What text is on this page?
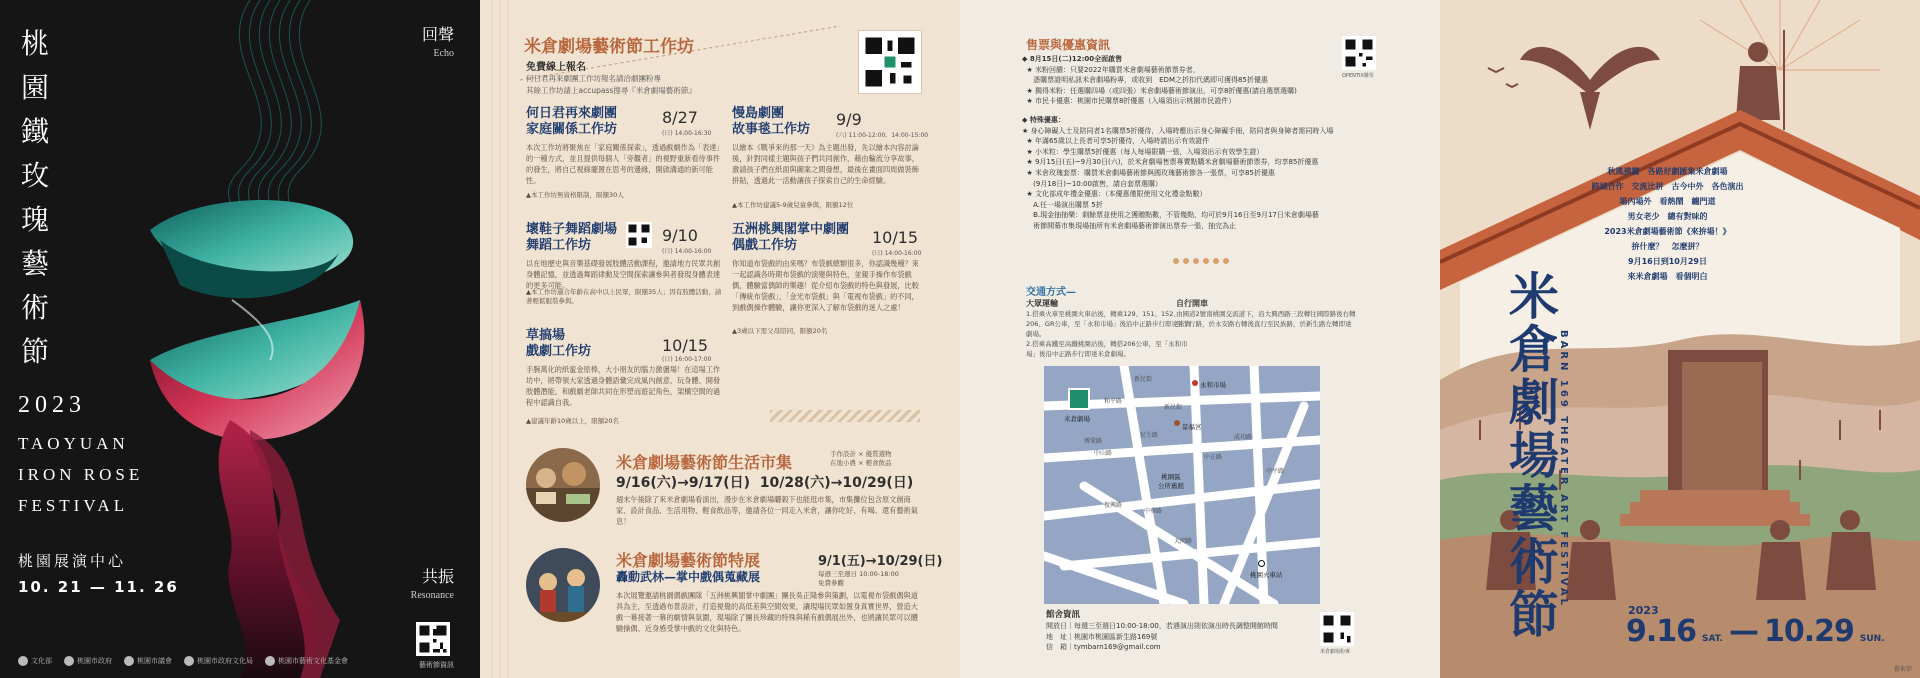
桃
園
鐵
玫
瑰
藝
術
節
2023
TAOYUAN
IRON ROSE
FESTIVAL
桃園展演中心
10. 21 — 11. 26
回聲
Echo
共振
Resonance
藝術節資訊
文化部	桃園市政府	桃園市議會	桃園市政府文化局	桃園市藝術文化基金會
米倉劇場藝術節工作坊
免費線上報名
何日君再來劇團工作坊報名請洽劇團粉專
其餘工作坊請上accupass搜尋『米倉劇場藝術節』
何日君再來劇團
家庭關係工作坊
8/27
(日) 14:00-16:30
本次工作坊將聚焦在「家庭關係探索」，透過戲劇作為「表達」的一種方式，並且提供每個人「旁觀者」的視野重新看待事件的發生，將自己視線擺置在思考的邊緣，開啟溝通的新可能性。
▲本工作坊無資格限制，限額30人
慢島劇團
故事毯工作坊
9/9
(六) 11:00-12:00、14:00-15:00
以繪本《戰爭來的那一天》為主題出發，先以繪本內容討論後，針對同樣主題與孩子們共同創作，藉由輪流分享故事，激請孩子們在紙面與圖案之間發想，最後在畫面四周做裝飾拼貼，透過此一活動讓孩子探索自己的生命經驗。
▲本工作坊建議5-9歲兒童參與，限額12位
壞鞋子舞蹈劇場
舞蹈工作坊
9/10
(日) 14:00-16:00
以在地歷史與音樂基礎發展肢體活動課程，邀請地方民眾共創身體記憶，並透過舞蹈律動及空間探索讓參與者發現身體表達的更多可能。
▲本工作坊適合年齡在高中以上民眾，限額35人；因有肢體活動，請著輕鬆服裝參與。
五洲桃興閣掌中劇團
偶戲工作坊	10/15
(日) 14:00-16:00
你知道布袋戲的由來嗎？布袋戲總類很多，你認識幾種？來一起認識各時期布袋戲的演變與特色，並親手操作布袋戲偶，體驗當偶師的樂趣！從介紹布袋戲的特色與發展，比較「傳統布袋戲」、「金光布袋戲」與「電視布袋戲」的不同，到戲偶操作體驗，讓你更深入了解布袋戲的迷人之處！
▲3歲以下需父母陪同，限額20名
草搞場
戲劇工作坊	10/15
(日) 16:00-17:00
手腕萬化的紙蜜金原棒，大小朋友的腦力激盪場！在這場工作坊中，將帶領大家透過身體語彙完成風內創意、玩身體、開發肢體潛能，和戲劇老師共同在形塑而遊記角色，架構空間的過程中認識自我。
▲建議年齡10歲以上，限額20名
米倉劇場藝術節生活市集	手作設計 × 優質選物
在地小農 × 輕食飲品
9/16(六)→9/17(日)  10/28(六)→10/29(日)
週末午後除了來米倉劇場看演出，漫步在米倉劇場曬榖下也能逛市集，市集攤位包含原文創商家、設計食品、生活用物、輕食飲品等，邀請各位一同走入米倉，讓你吃好、有喝、還有藝術氣息！
米倉劇場藝術節特展	9/1(五)→10/29(日)
轟動武林—掌中戲偶蒐藏展	每週三至週日 10:00-18:00
免費參觀
本次展覽邀請桃園偶戲團隊「五洲桃興閣掌中劇團」團長吳正隆參與策劃，以電視布袋戲偶與道具為主，至透過布景設計，打造視覺的高低差與空間效果，讓現場民眾如置身真實世界，營造大戲一幕接著一幕的劇情與氛圍，現場除了團長珍藏的特殊與稀有戲偶展出外，也將讓民眾可以體驗操偶、近身感受掌中戲的文化與特色。
售票與優惠資訊

◆ 8月15日(二)12:00全面啟售

★ 米粉回饋：只要2022年購買米倉劇場藝術節票券者，

憑購票證明私訊米倉劇場粉專，或收到　EDM之折扣代碼即可獲得85折優惠

★ 獨得米粉：任選購四場（或四張）米倉劇場藝術節演出，可享8折優惠(請自選票選購)

★ 市民卡優惠：桃園市民購票8折優惠（入場須出示桃園市民證件）

◆ 特殊優惠：

★ 身心障礙人士及陪同者1名購票5折優待，入場時應出示身心障礙手冊，陪同者與身障者需同時入場

★ 年滿65歲以上長者可享5折優待，入場時請出示有效證件

★ 小米粒：學生購票5折優惠（每人每場限購一張，入場須出示有效學生證）

★ 9月15日(五)~9月30日(六)，於米倉劇場售票專賣點購米倉劇場藝術節票券，均享85折優惠

★ 米倉玫瑰套票：購買米倉劇場藝術節與國玫瑰藝術節各一張票，可享85折優惠

(9月18日)~10:00啟售，請自套票選購）

★ 文化部成年禮金優惠：（本優惠僅限使用文化禮金點數）

A.任一場演出購票 5折

B.現金抽抽樂：剩餘票並使用之獲贈點數，不管幾點，均可於9月16日至9月17日米倉劇場藝

術節開幕市集現場抽所有米倉劇場藝術節演出票券一張，抽完為止

OPENTIX購票
交通方式—
大眾運輸
1.搭乘火車至桃園火車站後，轉乘129、151、152、206、GR公車，至「永和市場」後沿中正路步行即達米倉劇場。
2.搭乘高鐵至高鐵桃園站後，轉搭206公車，至「永和市場」後沿中正路步行即達米倉劇場。
自行開車
由國道2號南桃園交流道下，沿大興西路三段轉往國際路後右轉至少行路，於永安路右轉後直行至民族路，於新生路左轉即達
米倉劇場
永和市場
景福宮
桃園區
公所舊館
桃園火車站
新民街
和平路
民生路
中山路
中正路
博愛路
中華路
復興路
大同路
成功路
中平路
新民街
館舍資訊
開放日｜每週三至週日10:00-18:00，若遇演出則依演出時長調整開館時間
地　址｜桃園市桃園區新生路169號
信　箱｜tymbarn169@gmail.com
米倉劇場粉專
秋風拂麗　各路好劇匯集米倉劇場
跨域合作　交流比拼　古今中外　各色演出
場內場外　看熱鬧　纏門道
男女老少　總有對味的
2023米倉劇場藝術節《來拚場！》
拚什麼？　怎麼拼？
9月16日到10月29日
來米倉劇場　看個明白
米
倉
劇
場
藝
術
節
BARN 169 THEATER ART FESTIVAL
2023
9.16 SAT. — 10.29 SUN.
藝術節
